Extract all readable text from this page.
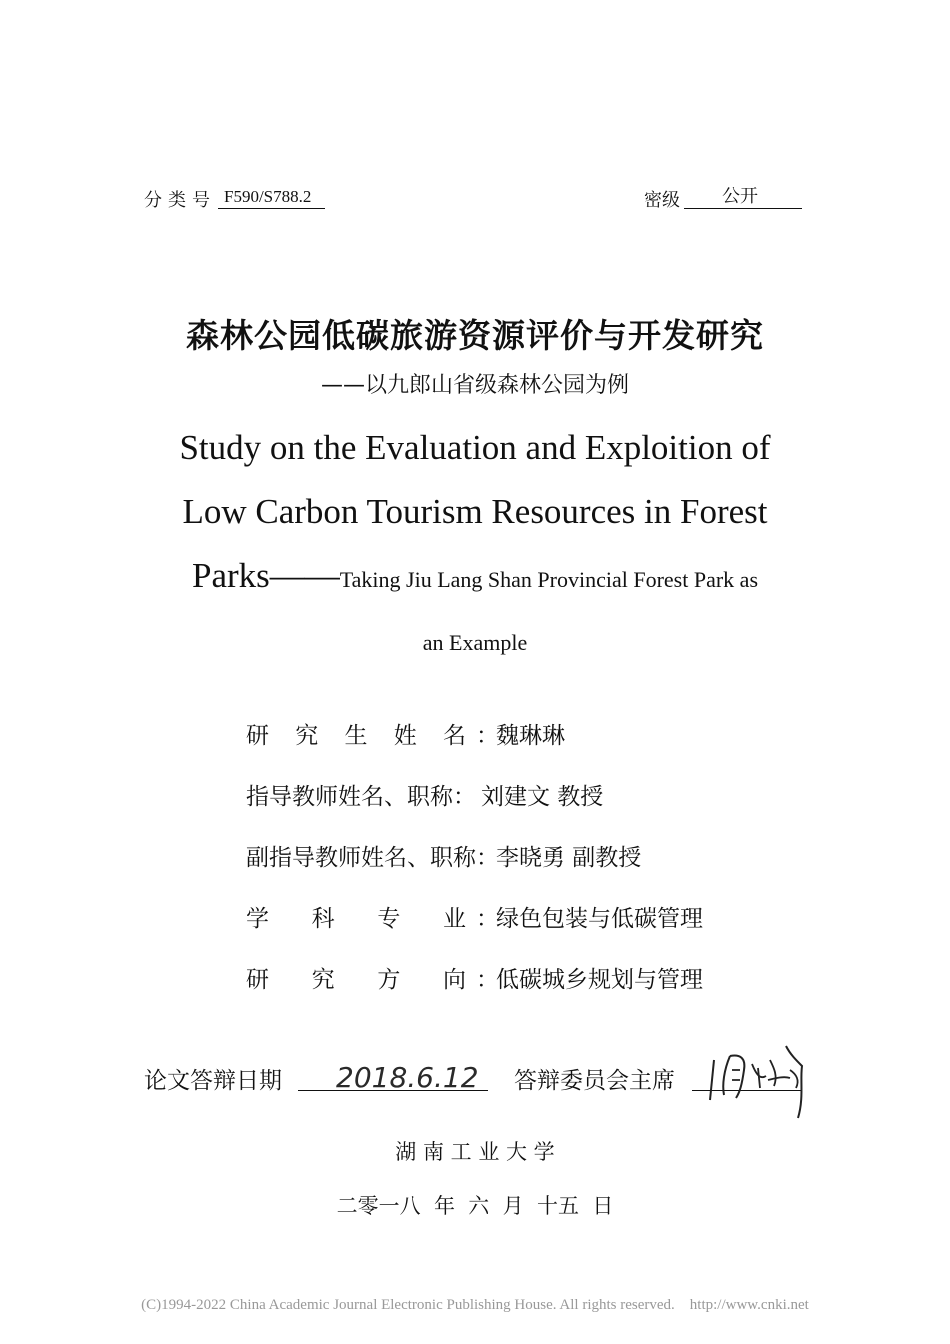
分类号 F590/S788.2	密级	公开
森林公园低碳旅游资源评价与开发研究
——以九郎山省级森林公园为例
Study on the Evaluation and Exploition of
Low Carbon Tourism Resources in Forest
Parks——Taking Jiu Lang Shan Provincial Forest Park as
an Example
研 究 生 姓 名 ：魏琳琳
指导教师姓名、职称： 刘建文 教授
副指导教师姓名、职称：李晓勇 副教授
学 科 专 业 ：绿色包装与低碳管理
研 究 方 向 ：低碳城乡规划与管理
论文答辩日期 2018.6.12 答辩委员会主席
湖 南 工 业 大 学
二零一八  年  六  月  十五  日
(C)1994-2022 China Academic Journal Electronic Publishing House. All rights reserved.    http://www.cnki.net
